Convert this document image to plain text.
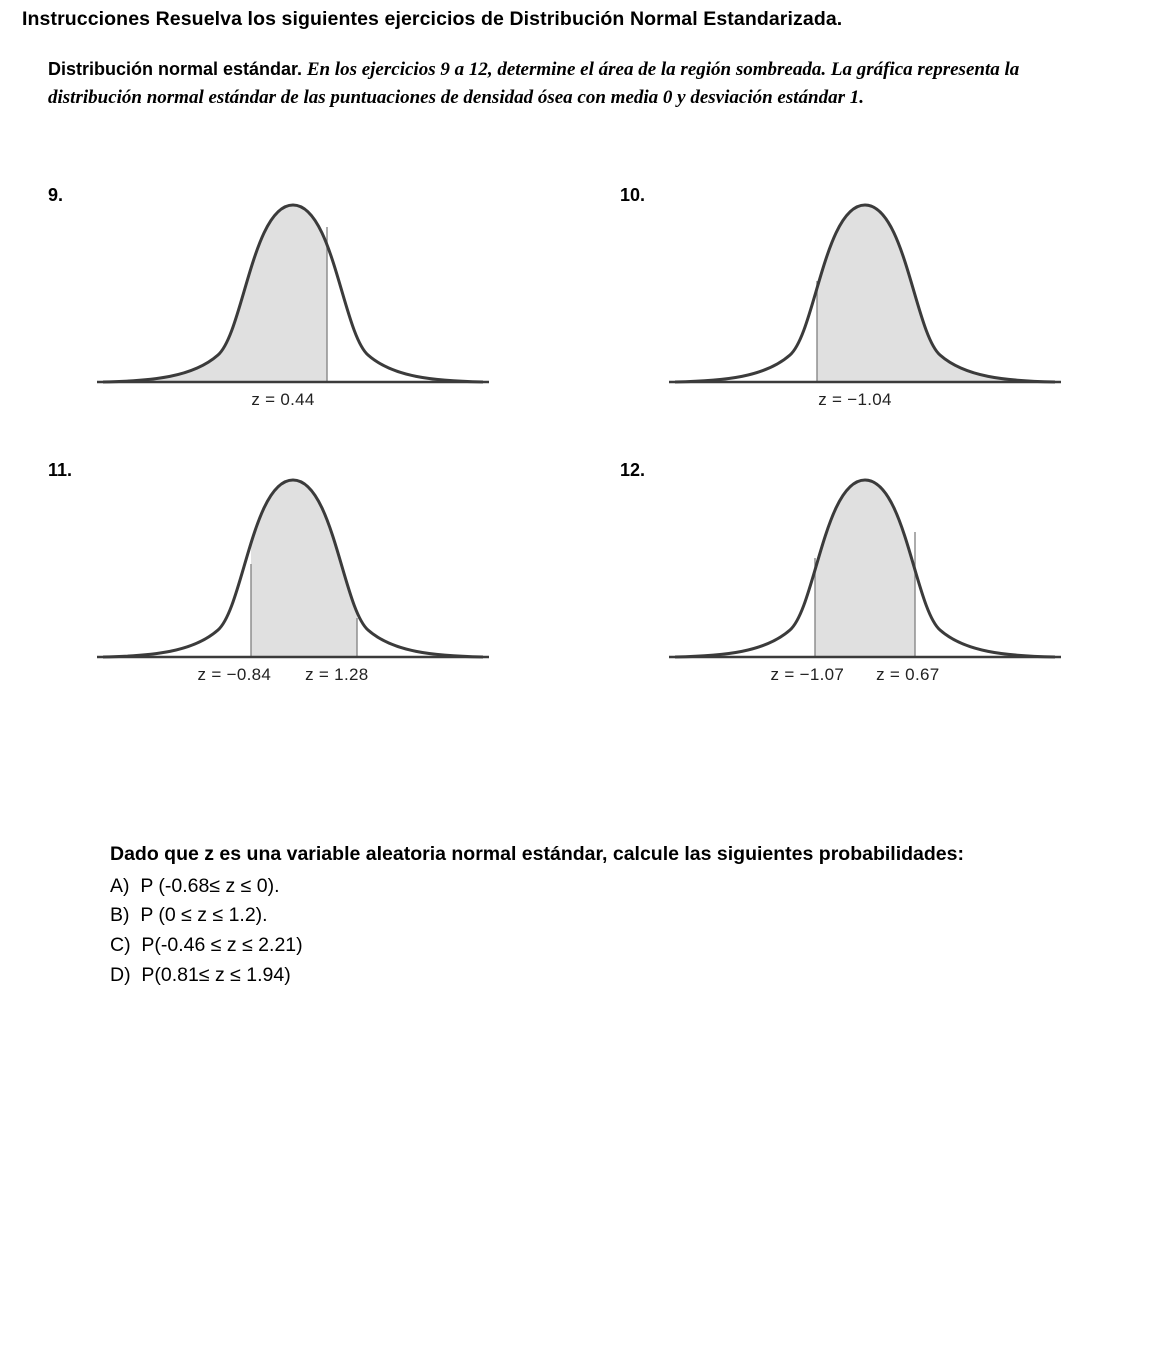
Instrucciones Resuelva los siguientes ejercicios de Distribución Normal Estandarizada.
Distribución normal estándar. En los ejercicios 9 a 12, determine el área de la región sombreada. La gráfica representa la distribución normal estándar de las puntuaciones de densidad ósea con media 0 y desviación estándar 1.
9.
z = 0.44
10.
z = −1.04
11.
z = −0.84 z = 1.28
12.
z = −1.07 z = 0.67
Dado que z es una variable aleatoria normal estándar, calcule las siguientes probabilidades:
A)  P (-0.68≤ z ≤ 0).
B)  P (0 ≤ z ≤ 1.2).
C)  P(-0.46 ≤ z ≤ 2.21)
D)  P(0.81≤ z ≤ 1.94)
